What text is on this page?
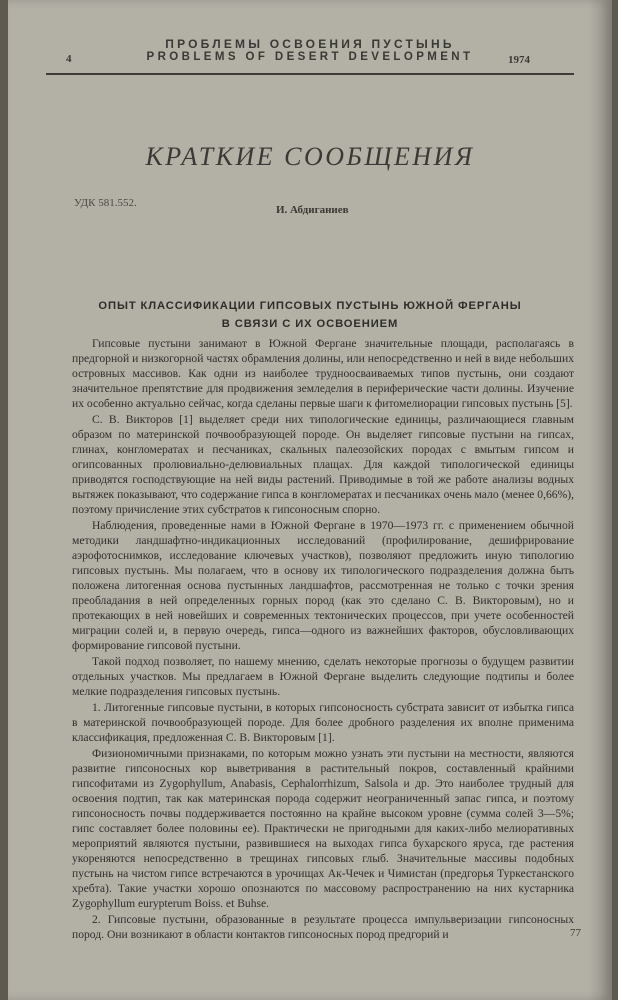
ПРОБЛЕМЫ ОСВОЕНИЯ ПУСТЫНЬ
4	PROBLEMS OF DESERT DEVELOPMENT	1974
КРАТКИЕ СООБЩЕНИЯ
УДК 581.552.
И. Абдиганиев
ОПЫТ КЛАССИФИКАЦИИ ГИПСОВЫХ ПУСТЫНЬ ЮЖНОЙ ФЕРГАНЫ
В СВЯЗИ С ИХ ОСВОЕНИЕМ

Гипсовые пустыни занимают в Южной Фергане значительные площади, располагаясь в предгорной и низкогорной частях обрамления долины, или непосредственно и ней в виде небольших островных массивов. Как одни из наиболее трудноосваиваемых типов пустынь, они создают значительное препятствие для продвижения земледелия в периферические части долины. Изучение их особенно актуально сейчас, когда сделаны первые шаги к фитомелиорации гипсовых пустынь [5].

С. В. Викторов [1] выделяет среди них типологические единицы, различающиеся главным образом по материнской почвообразующей породе. Он выделяет гипсовые пустыни на гипсах, глинах, конгломератах и песчаниках, скальных палеозойских породах с вмытым гипсом и огипсованных пролювиально-делювиальных плащах. Для каждой типологической единицы приводятся господствующие на ней виды растений. Приводимые в той же работе анализы водных вытяжек показывают, что содержание гипса в конгломератах и песчаниках очень мало (менее 0,66%), поэтому причисление этих субстратов к гипсоносным спорно.

Наблюдения, проведенные нами в Южной Фергане в 1970—1973 гг. с применением обычной методики ландшафтно-индикационных исследований (профилирование, дешифрирование аэрофотоснимков, исследование ключевых участков), позволяют предложить иную типологию гипсовых пустынь. Мы полагаем, что в основу их типологического подразделения должна быть положена литогенная основа пустынных ландшафтов, рассмотренная не только с точки зрения преобладания в ней определенных горных пород (как это сделано С. В. Викторовым), но и протекающих в ней новейших и современных тектонических процессов, при учете особенностей миграции солей и, в первую очередь, гипса—одного из важнейших факторов, обусловливающих формирование гипсовой пустыни.

Такой подход позволяет, по нашему мнению, сделать некоторые прогнозы о будущем развитии отдельных участков. Мы предлагаем в Южной Фергане выделить следующие подтипы и более мелкие подразделения гипсовых пустынь.

1. Литогенные гипсовые пустыни, в которых гипсоносность субстрата зависит от избытка гипса в материнской почвообразующей породе. Для более дробного разделения их вполне применима классификация, предложенная С. В. Викторовым [1].

Физиономичными признаками, по которым можно узнать эти пустыни на местности, являются развитие гипсоносных кор выветривания в растительный покров, составленный крайними гипсофитами из Zygophyllum, Anabasis, Cephalorrhizum, Salsola и др. Это наиболее трудный для освоения подтип, так как материнская порода содержит неограниченный запас гипса, и поэтому гипсоносность почвы поддерживается постоянно на крайне высоком уровне (сумма солей 3—5%; гипс составляет более половины ее). Практически не пригодными для каких-либо мелиоративных мероприятий являются пустыни, развившиеся на выходах гипса бухарского яруса, где растения укореняются непосредственно в трещинах гипсовых глыб. Значительные массивы подобных пустынь на чистом гипсе встречаются в урочищах Ак-Чечек и Чимистан (предгорья Туркестанского хребта). Такие участки хорошо опознаются по массовому распространению на них кустарника Zygophyllum eurypterum Boiss. et Buhse.

2. Гипсовые пустыни, образованные в результате процесса импульверизации гипсоносных пород. Они возникают в области контактов гипсоносных пород предгорий и	77
